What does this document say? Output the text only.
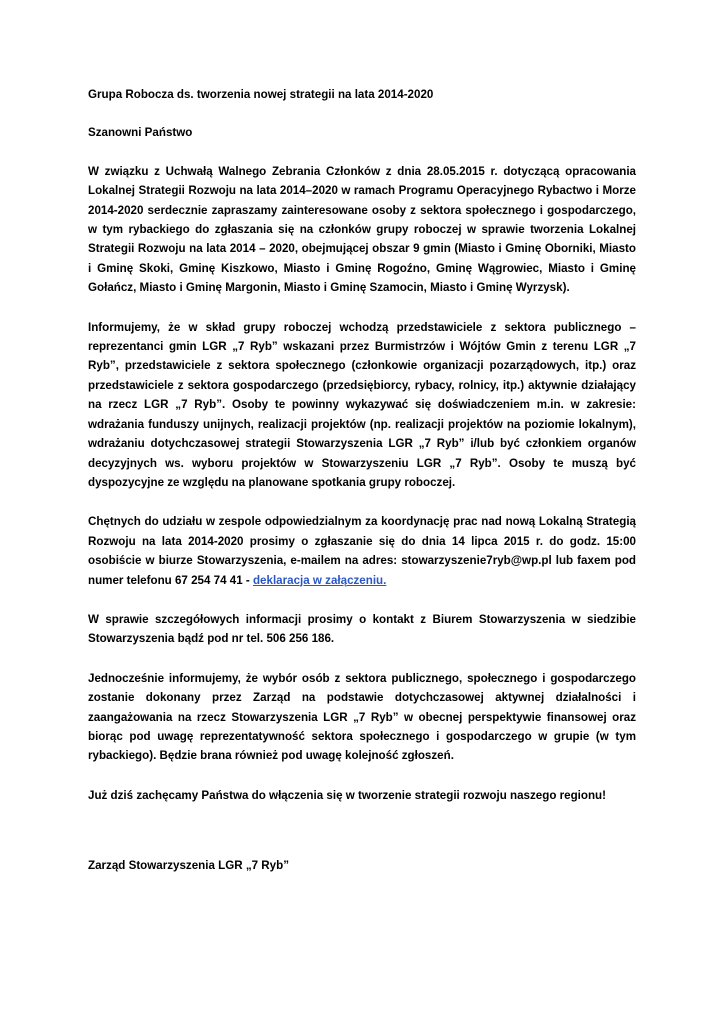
Grupa Robocza ds. tworzenia nowej strategii na lata 2014-2020

Szanowni Państwo

W związku z Uchwałą Walnego Zebrania Członków z dnia 28.05.2015 r. dotyczącą opracowania Lokalnej Strategii Rozwoju na lata 2014–2020 w ramach Programu Operacyjnego Rybactwo i Morze 2014-2020 serdecznie zapraszamy zainteresowane osoby z sektora społecznego i gospodarczego, w tym rybackiego do zgłaszania się na członków grupy roboczej w sprawie tworzenia Lokalnej Strategii Rozwoju na lata 2014 – 2020, obejmującej obszar 9 gmin (Miasto i Gminę Oborniki, Miasto i Gminę Skoki, Gminę Kiszkowo, Miasto i Gminę Rogoźno, Gminę Wągrowiec, Miasto i Gminę Gołańcz, Miasto i Gminę Margonin, Miasto i Gminę Szamocin, Miasto i Gminę Wyrzysk).

Informujemy, że w skład grupy roboczej wchodzą przedstawiciele z sektora publicznego – reprezentanci gmin LGR „7 Ryb” wskazani przez Burmistrzów i Wójtów Gmin z terenu LGR „7 Ryb”, przedstawiciele z sektora społecznego (członkowie organizacji pozarządowych, itp.) oraz przedstawiciele z sektora gospodarczego (przedsiębiorcy, rybacy, rolnicy, itp.) aktywnie działający na rzecz LGR „7 Ryb”. Osoby te powinny wykazywać się doświadczeniem m.in. w zakresie: wdrażania funduszy unijnych, realizacji projektów (np. realizacji projektów na poziomie lokalnym), wdrażaniu dotychczasowej strategii Stowarzyszenia LGR „7 Ryb” i/lub być członkiem organów decyzyjnych ws. wyboru projektów w Stowarzyszeniu LGR „7 Ryb”. Osoby te muszą być dyspozycyjne ze względu na planowane spotkania grupy roboczej.

Chętnych do udziału w zespole odpowiedzialnym za koordynację prac nad nową Lokalną Strategią Rozwoju na lata 2014-2020 prosimy o zgłaszanie się do dnia 14 lipca 2015 r. do godz. 15:00 osobiście w biurze Stowarzyszenia, e-mailem na adres: stowarzyszenie7ryb@wp.pl lub faxem pod numer telefonu 67 254 74 41 - deklaracja w załączeniu.

W sprawie szczegółowych informacji prosimy o kontakt z Biurem Stowarzyszenia w siedzibie Stowarzyszenia bądź pod nr tel. 506 256 186.

Jednocześnie informujemy, że wybór osób z sektora publicznego, społecznego i gospodarczego zostanie dokonany przez Zarząd na podstawie dotychczasowej aktywnej działalności i zaangażowania na rzecz Stowarzyszenia LGR „7 Ryb” w obecnej perspektywie finansowej oraz biorąc pod uwagę reprezentatywność sektora społecznego i gospodarczego w grupie (w tym rybackiego). Będzie brana również pod uwagę kolejność zgłoszeń.

Już dziś zachęcamy Państwa do włączenia się w tworzenie strategii rozwoju naszego regionu!

Zarząd Stowarzyszenia LGR „7 Ryb”
